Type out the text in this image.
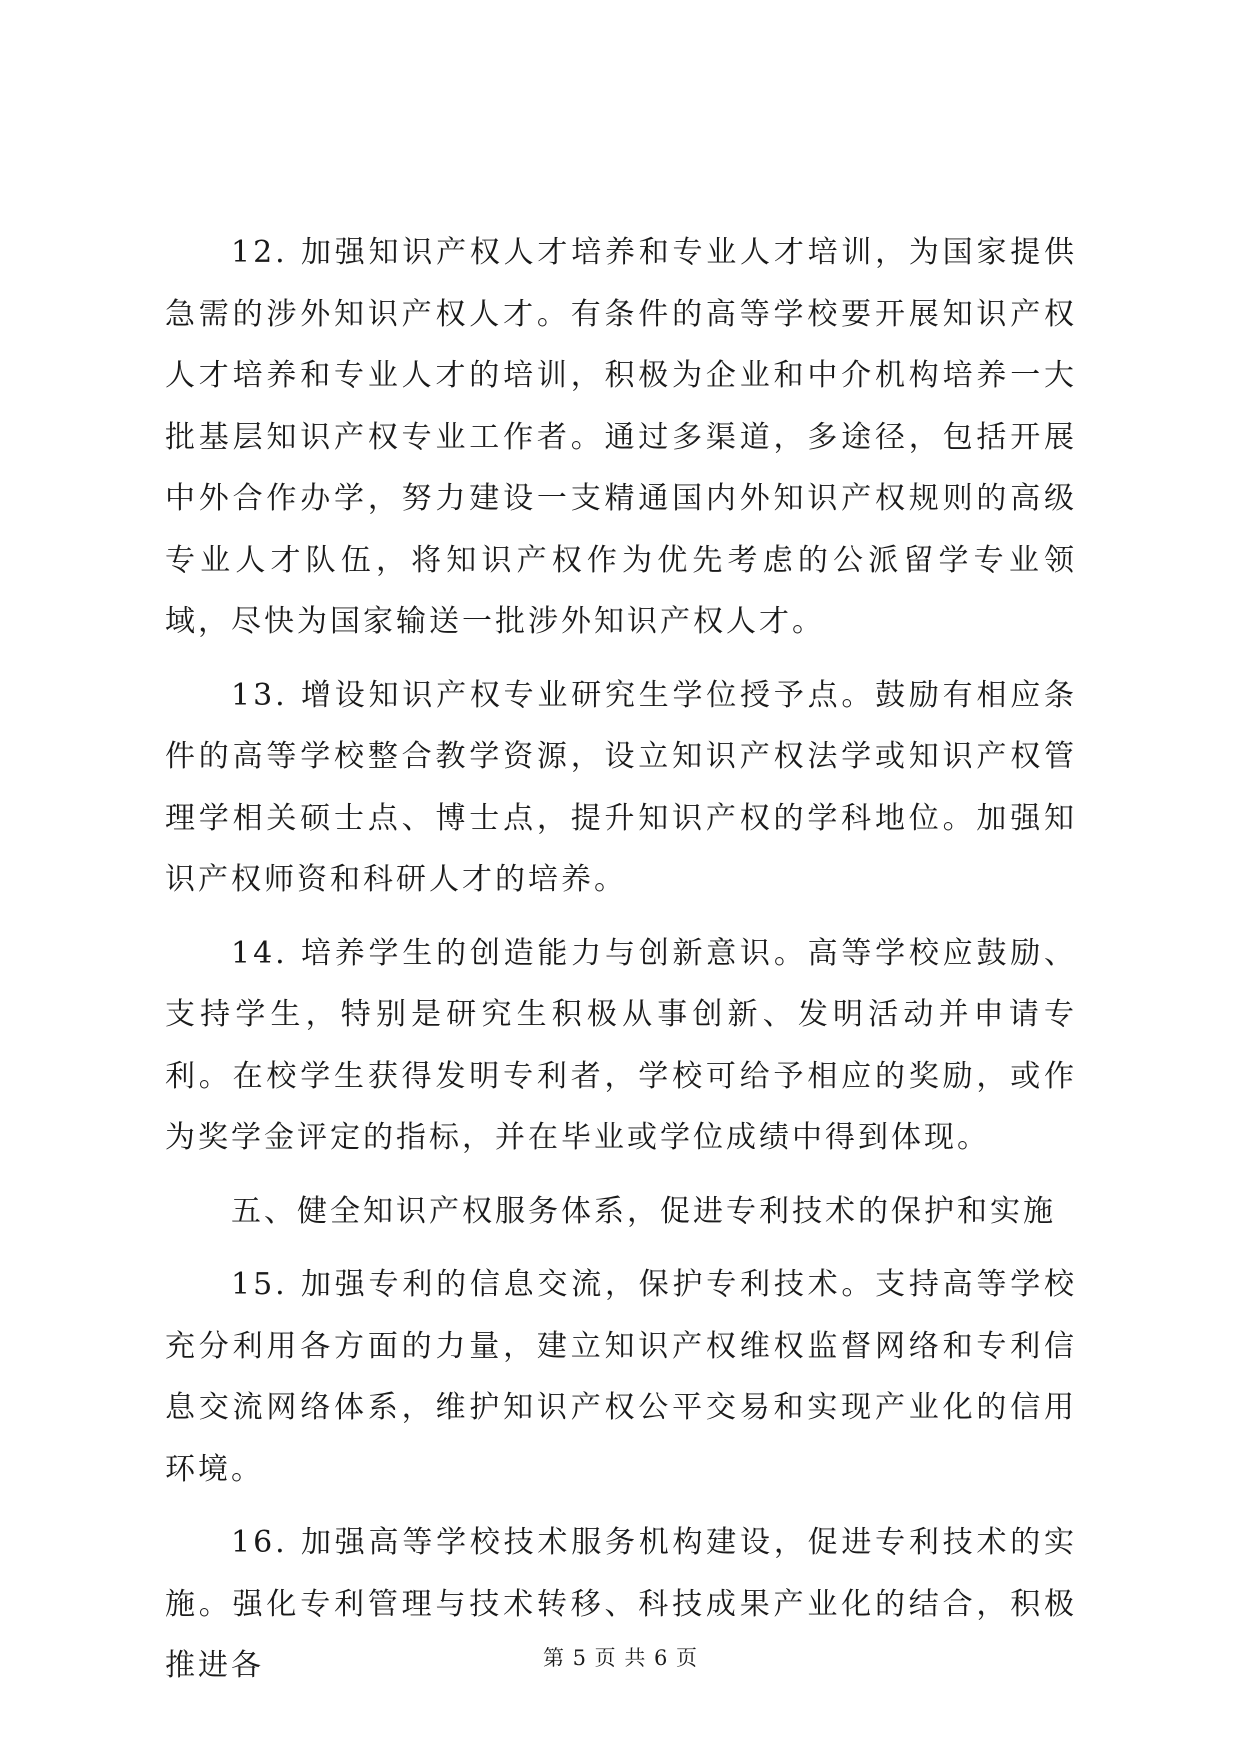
12. 加强知识产权人才培养和专业人才培训，为国家提供急需的涉外知识产权人才。有条件的高等学校要开展知识产权人才培养和专业人才的培训，积极为企业和中介机构培养一大批基层知识产权专业工作者。通过多渠道，多途径，包括开展中外合作办学，努力建设一支精通国内外知识产权规则的高级专业人才队伍，将知识产权作为优先考虑的公派留学专业领域，尽快为国家输送一批涉外知识产权人才。

13. 增设知识产权专业研究生学位授予点。鼓励有相应条件的高等学校整合教学资源，设立知识产权法学或知识产权管理学相关硕士点、博士点，提升知识产权的学科地位。加强知识产权师资和科研人才的培养。

14. 培养学生的创造能力与创新意识。高等学校应鼓励、支持学生，特别是研究生积极从事创新、发明活动并申请专利。在校学生获得发明专利者，学校可给予相应的奖励，或作为奖学金评定的指标，并在毕业或学位成绩中得到体现。

五、健全知识产权服务体系，促进专利技术的保护和实施

15. 加强专利的信息交流，保护专利技术。支持高等学校充分利用各方面的力量，建立知识产权维权监督网络和专利信息交流网络体系，维护知识产权公平交易和实现产业化的信用环境。

16. 加强高等学校技术服务机构建设，促进专利技术的实施。强化专利管理与技术转移、科技成果产业化的结合，积极推进各	第 5 页 共 6 页
